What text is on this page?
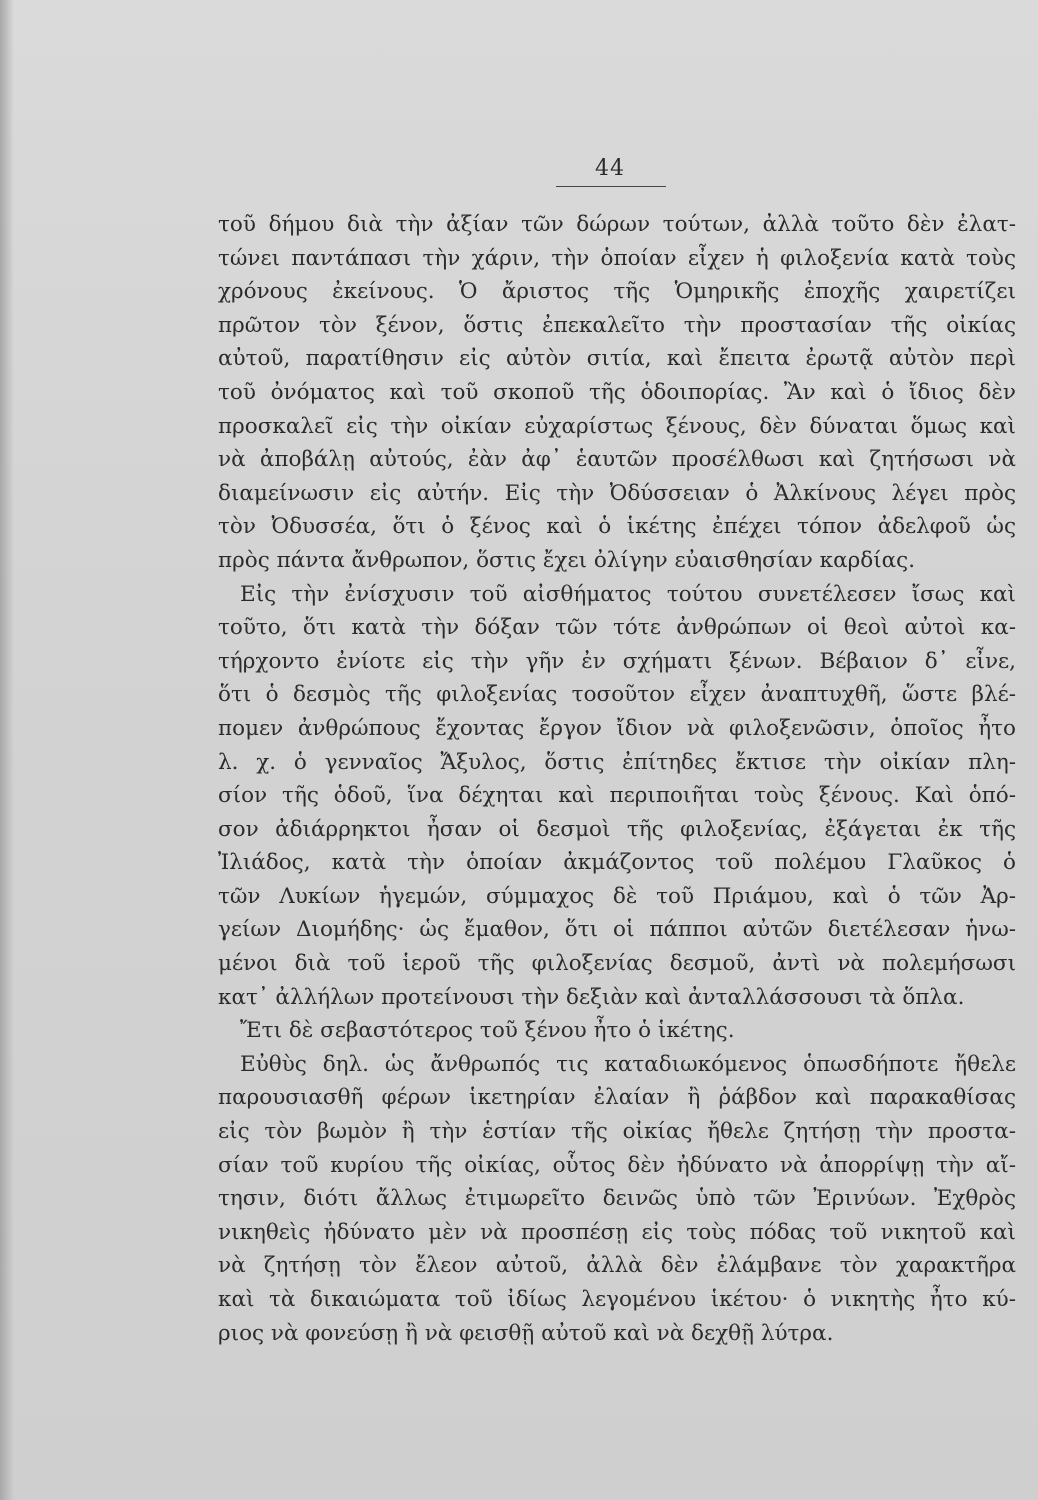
44
τοῦ δήμου διὰ τὴν ἀξίαν τῶν δώρων τούτων, ἀλλὰ τοῦτο δὲν ἐλατ-
τώνει παντάπασι τὴν χάριν, τὴν ὁποίαν εἶχεν ἡ φιλοξενία κατὰ τοὺς
χρόνους ἐκείνους. Ὁ ἄριστος τῆς Ὁμηρικῆς ἐποχῆς χαιρετίζει
πρῶτον τὸν ξένον, ὅστις ἐπεκαλεῖτο τὴν προστασίαν τῆς οἰκίας
αὐτοῦ, παρατίθησιν εἰς αὐτὸν σιτία, καὶ ἔπειτα ἐρωτᾷ αὐτὸν περὶ
τοῦ ὀνόματος καὶ τοῦ σκοποῦ τῆς ὁδοιπορίας. Ἂν καὶ ὁ ἴδιος δὲν
προσκαλεῖ εἰς τὴν οἰκίαν εὐχαρίστως ξένους, δὲν δύναται ὅμως καὶ
νὰ ἀποβάλῃ αὐτούς, ἐὰν ἀφ᾽ ἑαυτῶν προσέλθωσι καὶ ζητήσωσι νὰ
διαμείνωσιν εἰς αὐτήν. Εἰς τὴν Ὀδύσσειαν ὁ Ἀλκίνους λέγει πρὸς
τὸν Ὀδυσσέα, ὅτι ὁ ξένος καὶ ὁ ἱκέτης ἐπέχει τόπον ἀδελφοῦ ὡς
πρὸς πάντα ἄνθρωπον, ὅστις ἔχει ὀλίγην εὐαισθησίαν καρδίας.
Εἰς τὴν ἐνίσχυσιν τοῦ αἰσθήματος τούτου συνετέλεσεν ἴσως καὶ
τοῦτο, ὅτι κατὰ τὴν δόξαν τῶν τότε ἀνθρώπων οἱ θεοὶ αὐτοὶ κα-
τήρχοντο ἐνίοτε εἰς τὴν γῆν ἐν σχήματι ξένων. Βέβαιον δ᾽ εἶνε,
ὅτι ὁ δεσμὸς τῆς φιλοξενίας τοσοῦτον εἶχεν ἀναπτυχθῆ, ὥστε βλέ-
πομεν ἀνθρώπους ἔχοντας ἔργον ἴδιον νὰ φιλοξενῶσιν, ὁποῖος ἦτο
λ. χ. ὁ γενναῖος Ἄξυλος, ὅστις ἐπίτηδες ἔκτισε τὴν οἰκίαν πλη-
σίον τῆς ὁδοῦ, ἵνα δέχηται καὶ περιποιῆται τοὺς ξένους. Καὶ ὁπό-
σον ἀδιάρρηκτοι ἦσαν οἱ δεσμοὶ τῆς φιλοξενίας, ἐξάγεται ἐκ τῆς
Ἰλιάδος, κατὰ τὴν ὁποίαν ἀκμάζοντος τοῦ πολέμου Γλαῦκος ὁ
τῶν Λυκίων ἡγεμών, σύμμαχος δὲ τοῦ Πριάμου, καὶ ὁ τῶν Ἀρ-
γείων Διομήδης· ὡς ἔμαθον, ὅτι οἱ πάπποι αὐτῶν διετέλεσαν ἡνω-
μένοι διὰ τοῦ ἱεροῦ τῆς φιλοξενίας δεσμοῦ, ἀντὶ νὰ πολεμήσωσι
κατ᾽ ἀλλήλων προτείνουσι τὴν δεξιὰν καὶ ἀνταλλάσσουσι τὰ ὅπλα.
Ἔτι δὲ σεβαστότερος τοῦ ξένου ἦτο ὁ ἱκέτης.
Εὐθὺς δηλ. ὡς ἄνθρωπός τις καταδιωκόμενος ὁπωσδήποτε ἤθελε
παρουσιασθῆ φέρων ἱκετηρίαν ἐλαίαν ἢ ῥάβδον καὶ παρακαθίσας
εἰς τὸν βωμὸν ἢ τὴν ἑστίαν τῆς οἰκίας ἤθελε ζητήσῃ τὴν προστα-
σίαν τοῦ κυρίου τῆς οἰκίας, οὗτος δὲν ἠδύνατο νὰ ἀπορρίψῃ τὴν αἴ-
τησιν, διότι ἄλλως ἐτιμωρεῖτο δεινῶς ὑπὸ τῶν Ἐρινύων. Ἐχθρὸς
νικηθεὶς ἠδύνατο μὲν νὰ προσπέσῃ εἰς τοὺς πόδας τοῦ νικητοῦ καὶ
νὰ ζητήσῃ τὸν ἔλεον αὐτοῦ, ἀλλὰ δὲν ἐλάμβανε τὸν χαρακτῆρα
καὶ τὰ δικαιώματα τοῦ ἰδίως λεγομένου ἱκέτου· ὁ νικητὴς ἦτο κύ-
ριος νὰ φονεύσῃ ἢ νὰ φεισθῇ αὐτοῦ καὶ νὰ δεχθῇ λύτρα.
